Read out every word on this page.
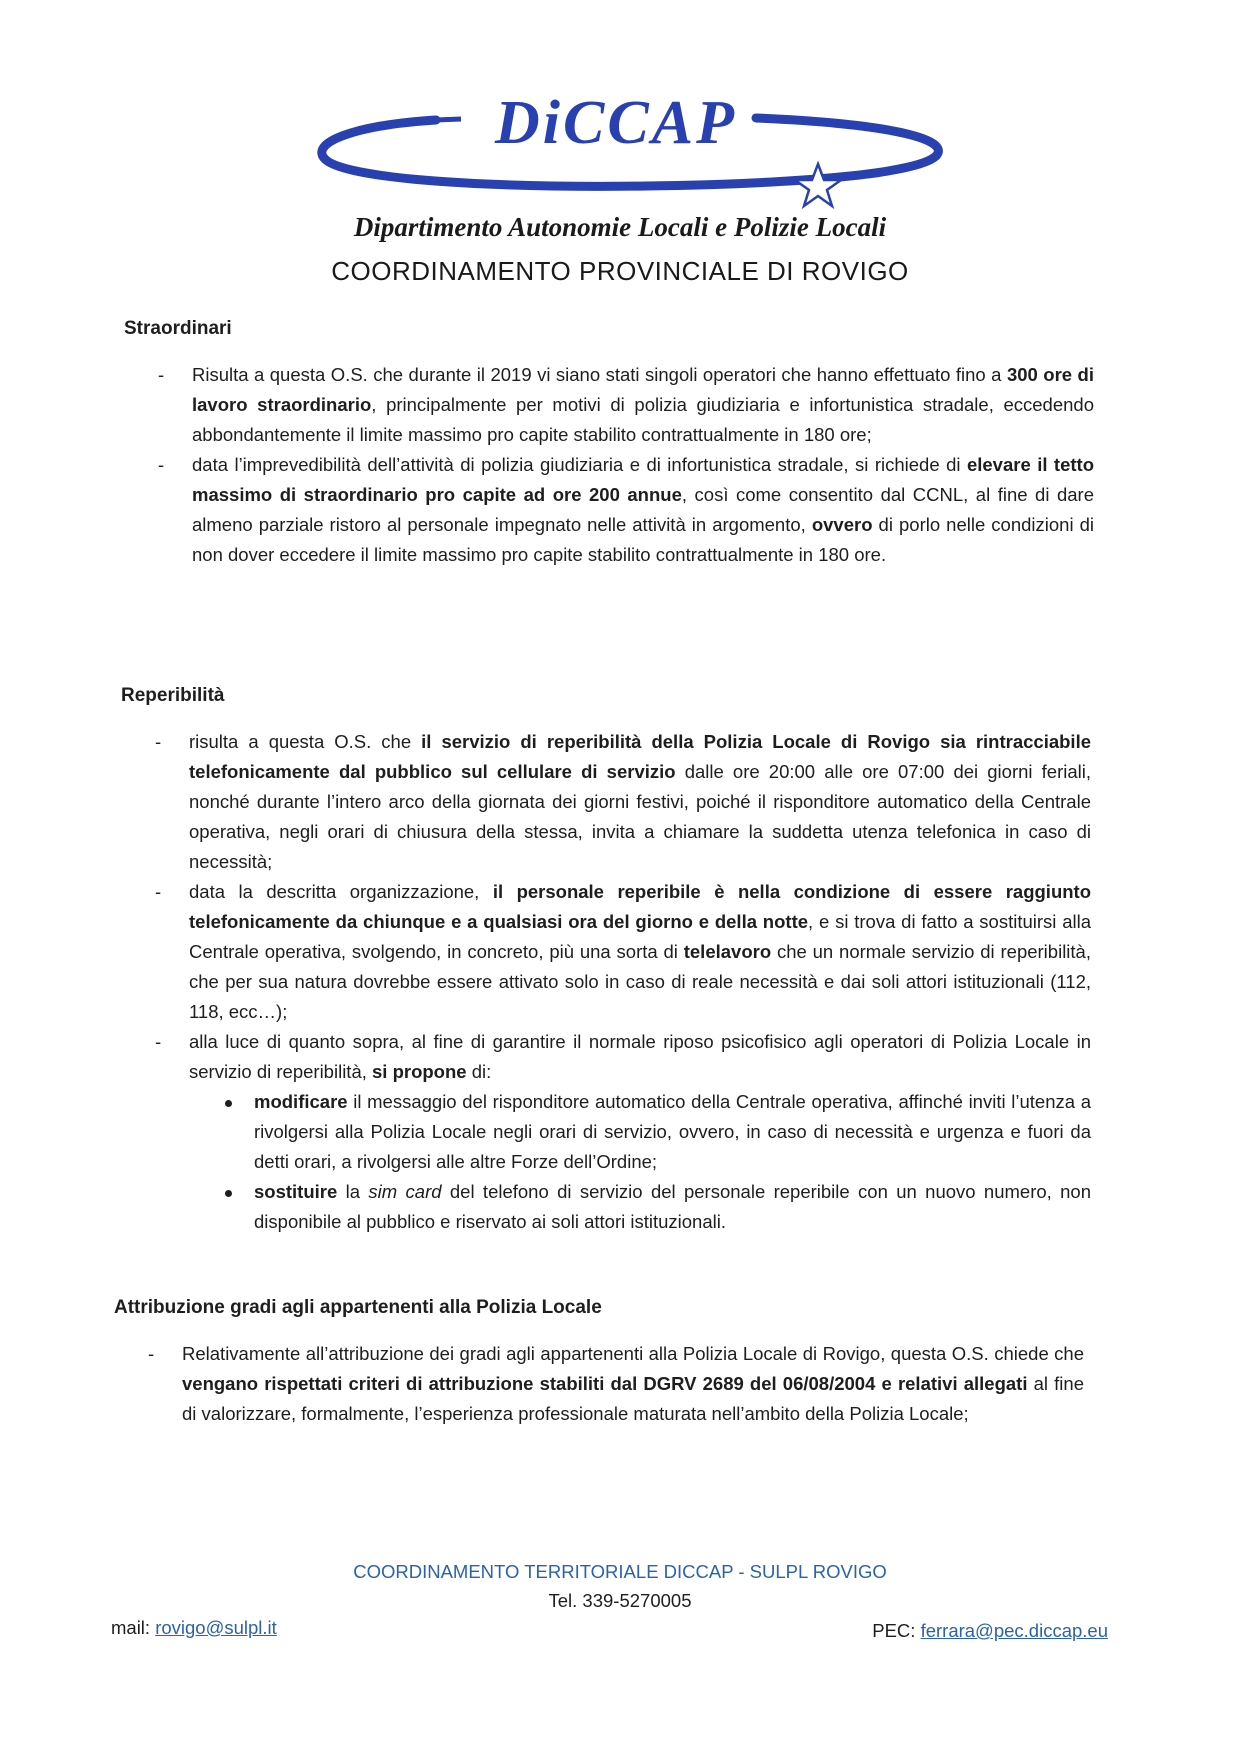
DiCCAP
Dipartimento Autonomie Locali e Polizie Locali
COORDINAMENTO PROVINCIALE DI ROVIGO
Straordinari
- Risulta a questa O.S. che durante il 2019 vi siano stati singoli operatori che hanno effettuato fino a 300 ore di lavoro straordinario, principalmente per motivi di polizia giudiziaria e infortunistica stradale, eccedendo abbondantemente il limite massimo pro capite stabilito contrattualmente in 180 ore;
- data l’imprevedibilità dell’attività di polizia giudiziaria e di infortunistica stradale, si richiede di elevare il tetto massimo di straordinario pro capite ad ore 200 annue, così come consentito dal CCNL, al fine di dare almeno parziale ristoro al personale impegnato nelle attività in argomento, ovvero di porlo nelle condizioni di non dover eccedere il limite massimo pro capite stabilito contrattualmente in 180 ore.
Reperibilità
- risulta a questa O.S. che il servizio di reperibilità della Polizia Locale di Rovigo sia rintracciabile telefonicamente dal pubblico sul cellulare di servizio dalle ore 20:00 alle ore 07:00 dei giorni feriali, nonché durante l’intero arco della giornata dei giorni festivi, poiché il risponditore automatico della Centrale operativa, negli orari di chiusura della stessa, invita a chiamare la suddetta utenza telefonica in caso di necessità;
- data la descritta organizzazione, il personale reperibile è nella condizione di essere raggiunto telefonicamente da chiunque e a qualsiasi ora del giorno e della notte, e si trova di fatto a sostituirsi alla Centrale operativa, svolgendo, in concreto, più una sorta di telelavoro che un normale servizio di reperibilità, che per sua natura dovrebbe essere attivato solo in caso di reale necessità e dai soli attori istituzionali (112, 118, ecc…);
- alla luce di quanto sopra, al fine di garantire il normale riposo psicofisico agli operatori di Polizia Locale in servizio di reperibilità, si propone di:
modificare il messaggio del risponditore automatico della Centrale operativa, affinché inviti l’utenza a rivolgersi alla Polizia Locale negli orari di servizio, ovvero, in caso di necessità e urgenza e fuori da detti orari, a rivolgersi alle altre Forze dell’Ordine;
sostituire la sim card del telefono di servizio del personale reperibile con un nuovo numero, non disponibile al pubblico e riservato ai soli attori istituzionali.
Attribuzione gradi agli appartenenti alla Polizia Locale
- Relativamente all’attribuzione dei gradi agli appartenenti alla Polizia Locale di Rovigo, questa O.S. chiede che vengano rispettati criteri di attribuzione stabiliti dal DGRV 2689 del 06/08/2004 e relativi allegati al fine di valorizzare, formalmente, l’esperienza professionale maturata nell’ambito della Polizia Locale;
COORDINAMENTO TERRITORIALE DICCAP - SULPL ROVIGO
Tel. 339-5270005
mail: rovigo@sulpl.it	PEC: ferrara@pec.diccap.eu
